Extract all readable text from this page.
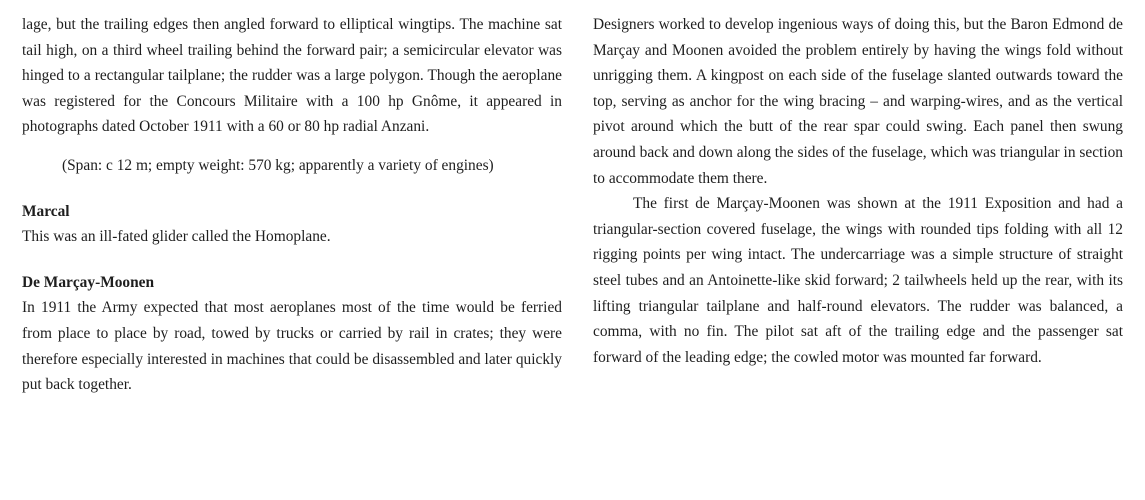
lage, but the trailing edges then angled forward to elliptical wingtips. The machine sat tail high, on a third wheel trailing behind the forward pair; a semicircular elevator was hinged to a rectangular tailplane; the rudder was a large polygon. Though the aeroplane was registered for the Concours Militaire with a 100 hp Gnôme, it appeared in photographs dated October 1911 with a 60 or 80 hp radial Anzani.

(Span: c 12 m; empty weight: 570 kg; apparently a variety of engines)

Marcal

This was an ill-fated glider called the Homoplane.

De Marçay-Moonen

In 1911 the Army expected that most aeroplanes most of the time would be ferried from place to place by road, towed by trucks or carried by rail in crates; they were therefore especially interested in machines that could be disassembled and later quickly put back together.

Designers worked to develop ingenious ways of doing this, but the Baron Edmond de Marçay and Moonen avoided the problem entirely by having the wings fold without unrigging them. A kingpost on each side of the fuselage slanted outwards toward the top, serving as anchor for the wing bracing – and warping-wires, and as the vertical pivot around which the butt of the rear spar could swing. Each panel then swung around back and down along the sides of the fuselage, which was triangular in section to accommodate them there.

The first de Marçay-Moonen was shown at the 1911 Exposition and had a triangular-section covered fuselage, the wings with rounded tips folding with all 12 rigging points per wing intact. The undercarriage was a simple structure of straight steel tubes and an Antoinette-like skid forward; 2 tailwheels held up the rear, with its lifting triangular tailplane and half-round elevators. The rudder was balanced, a comma, with no fin. The pilot sat aft of the trailing edge and the passenger sat forward of the leading edge; the cowled motor was mounted far forward.
